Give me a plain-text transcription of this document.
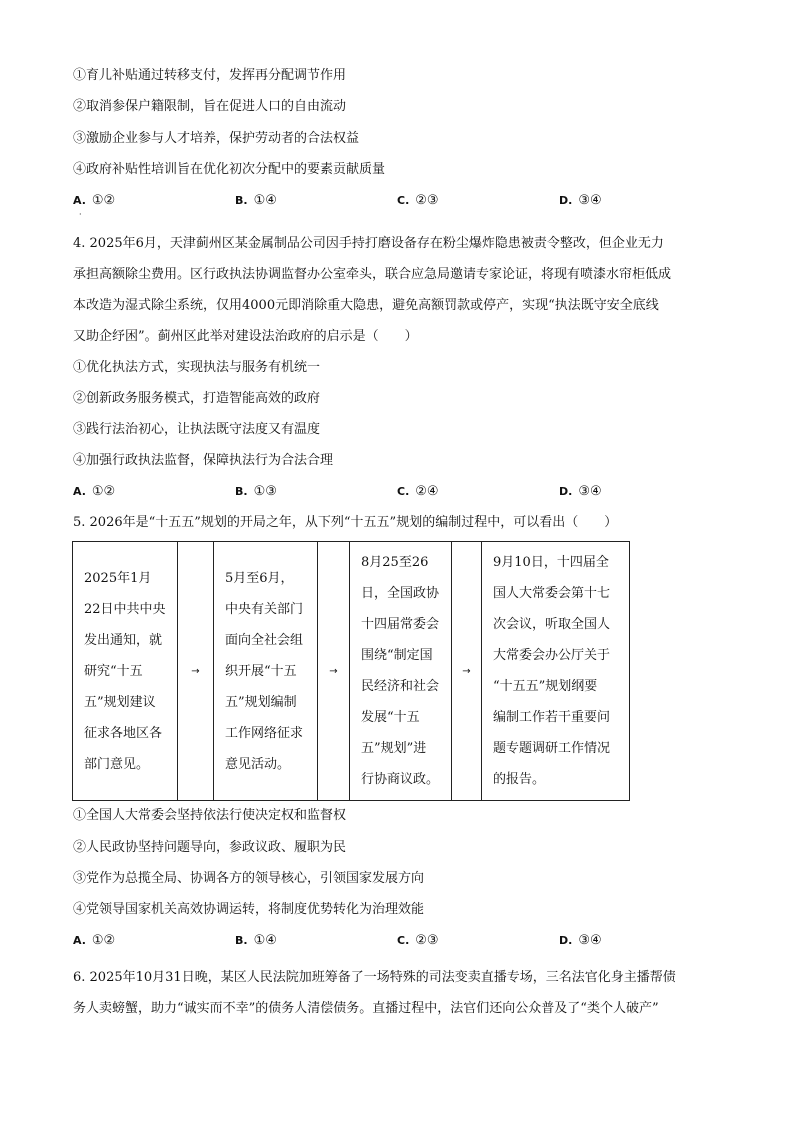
①育儿补贴通过转移支付，发挥再分配调节作用
②取消参保户籍限制，旨在促进人口的自由流动
③激励企业参与人才培养，保护劳动者的合法权益
④政府补贴性培训旨在优化初次分配中的要素贡献质量
A. ①②	B. ①④	C. ②③	D. ③④
·
4. 2025年6月，天津蓟州区某金属制品公司因手持打磨设备存在粉尘爆炸隐患被责令整改，但企业无力
承担高额除尘费用。区行政执法协调监督办公室牵头，联合应急局邀请专家论证，将现有喷漆水帘柜低成
本改造为湿式除尘系统，仅用4000元即消除重大隐患，避免高额罚款或停产，实现“执法既守安全底线
又助企纾困”。蓟州区此举对建设法治政府的启示是（　　）
①优化执法方式，实现执法与服务有机统一
②创新政务服务模式，打造智能高效的政府
③践行法治初心，让执法既守法度又有温度
④加强行政执法监督，保障执法行为合法合理
A. ①②	B. ①③	C. ②④	D. ③④
5. 2026年是“十五五”规划的开局之年，从下列“十五五”规划的编制过程中，可以看出（　　）
2025年1月
22日中共中央
发出通知，就
研究“十五
五”规划建议
征求各地区各
部门意见。
	→	
5月至6月，
中央有关部门
面向全社会组
织开展“十五
五”规划编制
工作网络征求
意见活动。
	→	
8月25至26
日，全国政协
十四届常委会
围绕“制定国
民经济和社会
发展“十五
五”规划”进
行协商议政。
	→	
9月10日，十四届全
国人大常委会第十七
次会议，听取全国人
大常委会办公厅关于
“十五五”规划纲要
编制工作若干重要问
题专题调研工作情况
的报告。
①全国人大常委会坚持依法行使决定权和监督权
②人民政协坚持问题导向，参政议政、履职为民
③党作为总揽全局、协调各方的领导核心，引领国家发展方向
④党领导国家机关高效协调运转，将制度优势转化为治理效能
A. ①②	B. ①④	C. ②③	D. ③④
6. 2025年10月31日晚，某区人民法院加班筹备了一场特殊的司法变卖直播专场，三名法官化身主播帮债
务人卖螃蟹，助力“诚实而不幸”的债务人清偿债务。直播过程中，法官们还向公众普及了“类个人破产”
